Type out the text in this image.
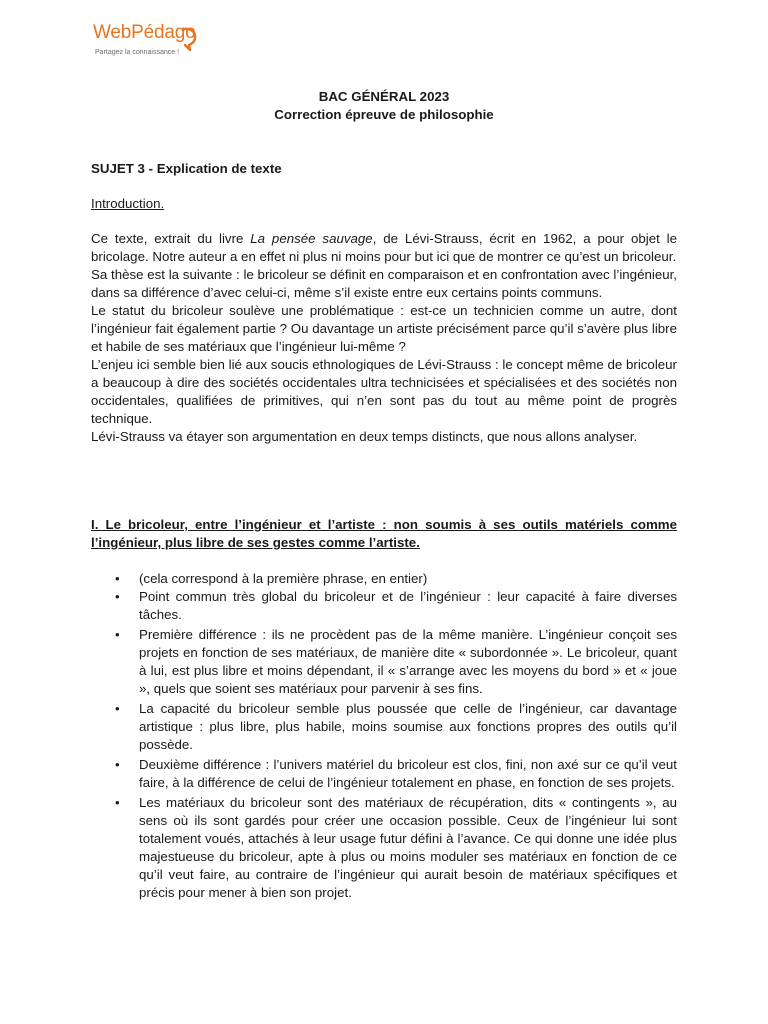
WebPédago
Partagez la connaissance !
BAC GÉNÉRAL 2023
Correction épreuve de philosophie
SUJET 3 - Explication de texte
Introduction.

Ce texte, extrait du livre La pensée sauvage, de Lévi-Strauss, écrit en 1962, a pour objet le bricolage. Notre auteur a en effet ni plus ni moins pour but ici que de montrer ce qu’est un bricoleur.

Sa thèse est la suivante : le bricoleur se définit en comparaison et en confrontation avec l’ingénieur, dans sa différence d’avec celui-ci, même s’il existe entre eux certains points communs.

Le statut du bricoleur soulève une problématique : est-ce un technicien comme un autre, dont l’ingénieur fait également partie ? Ou davantage un artiste précisément parce qu’il s’avère plus libre et habile de ses matériaux que l’ingénieur lui-même ?

L’enjeu ici semble bien lié aux soucis ethnologiques de Lévi-Strauss : le concept même de bricoleur a beaucoup à dire des sociétés occidentales ultra technicisées et spécialisées et des sociétés non occidentales, qualifiées de primitives, qui n’en sont pas du tout au même point de progrès technique.

Lévi-Strauss va étayer son argumentation en deux temps distincts, que nous allons analyser.

I. Le bricoleur, entre l’ingénieur et l’artiste : non soumis à ses outils matériels comme l’ingénieur, plus libre de ses gestes comme l’artiste.
• (cela correspond à la première phrase, en entier)
• Point commun très global du bricoleur et de l’ingénieur : leur capacité à faire diverses tâches.
• Première différence : ils ne procèdent pas de la même manière. L’ingénieur conçoit ses projets en fonction de ses matériaux, de manière dite « subordonnée ». Le bricoleur, quant à lui, est plus libre et moins dépendant, il « s’arrange avec les moyens du bord » et « joue », quels que soient ses matériaux pour parvenir à ses fins.
• La capacité du bricoleur semble plus poussée que celle de l’ingénieur, car davantage artistique : plus libre, plus habile, moins soumise aux fonctions propres des outils qu’il possède.
• Deuxième différence : l’univers matériel du bricoleur est clos, fini, non axé sur ce qu’il veut faire, à la différence de celui de l’ingénieur totalement en phase, en fonction de ses projets.
• Les matériaux du bricoleur sont des matériaux de récupération, dits « contingents », au sens où ils sont gardés pour créer une occasion possible. Ceux de l’ingénieur lui sont totalement voués, attachés à leur usage futur défini à l’avance. Ce qui donne une idée plus majestueuse du bricoleur, apte à plus ou moins moduler ses matériaux en fonction de ce qu’il veut faire, au contraire de l’ingénieur qui aurait besoin de matériaux spécifiques et précis pour mener à bien son projet.
